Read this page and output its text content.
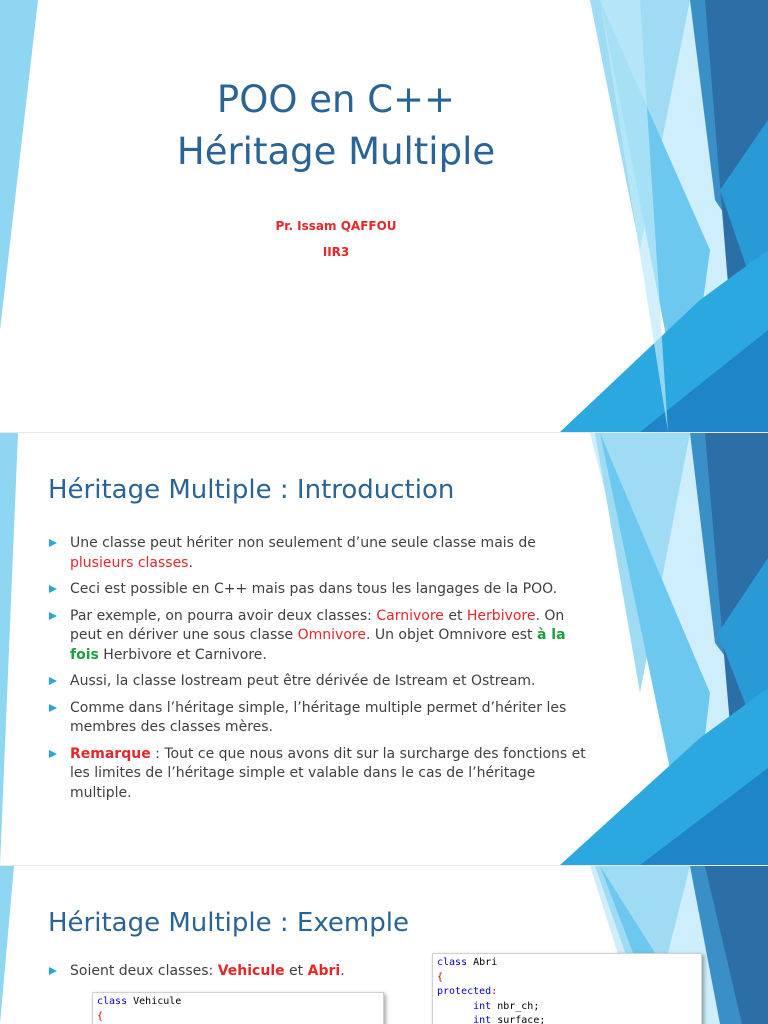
POO en C++
Héritage Multiple
Pr. Issam QAFFOU
IIR3
Héritage Multiple : Introduction
Une classe peut hériter non seulement d’une seule classe mais de plusieurs classes.
Ceci est possible en C++ mais pas dans tous les langages de la POO.
Par exemple, on pourra avoir deux classes: Carnivore et Herbivore. On peut en dériver une sous classe Omnivore. Un objet Omnivore est à la fois Herbivore et Carnivore.
Aussi, la classe Iostream peut être dérivée de Istream et Ostream.
Comme dans l’héritage simple, l’héritage multiple permet d’hériter les membres des classes mères.
Remarque : Tout ce que nous avons dit sur la surcharge des fonctions et les limites de l’héritage simple et valable dans le cas de l’héritage multiple.
Héritage Multiple : Exemple
Soient deux classes: Vehicule et Abri.
class Vehicule
{
class Abri
{
protected:
int nbr_ch;
int surface;
